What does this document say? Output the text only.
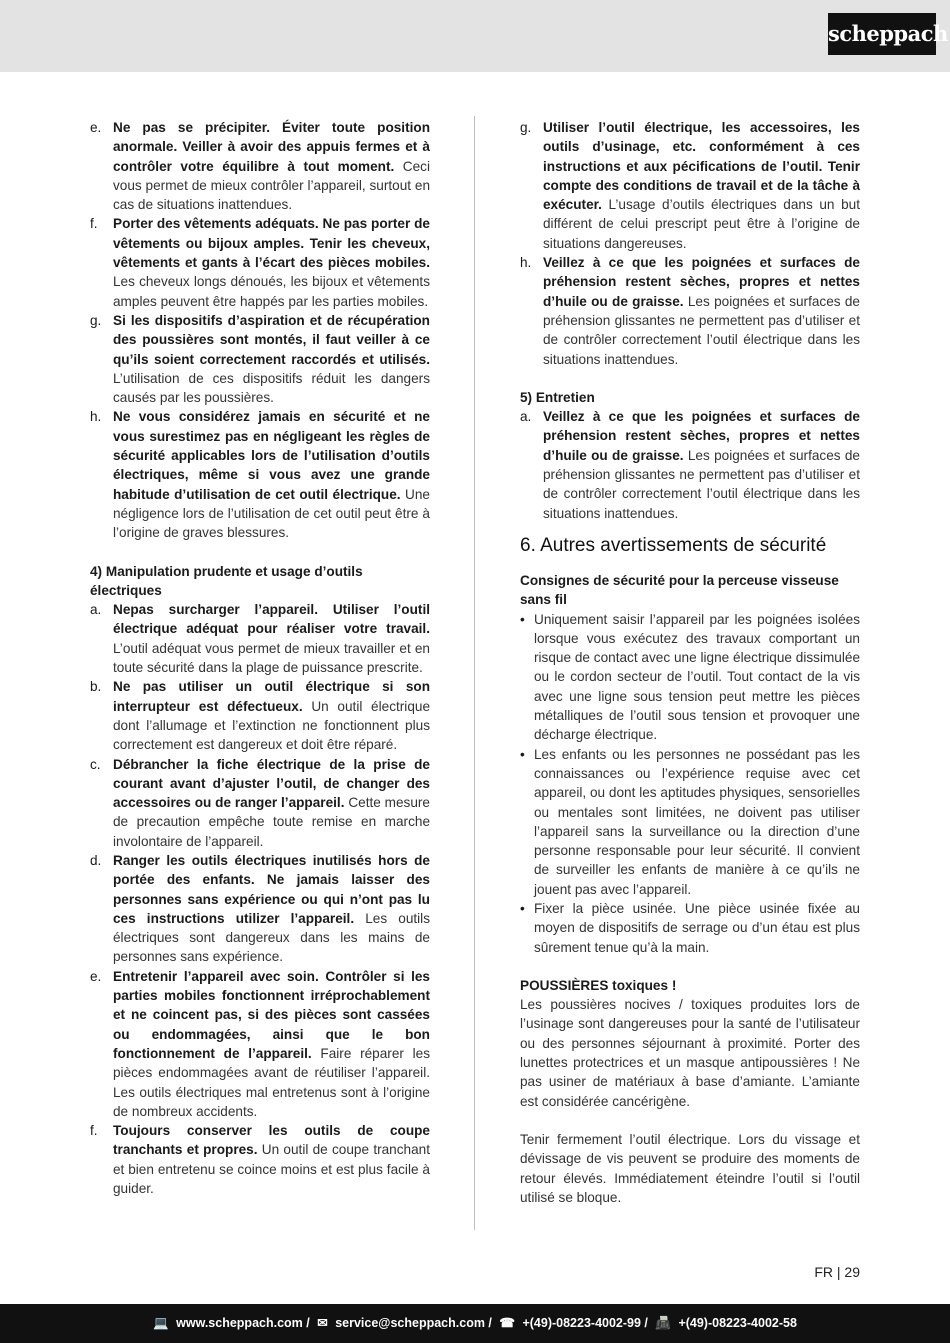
scheppach
e. Ne pas se précipiter. Éviter toute position anormale. Veiller à avoir des appuis fermes et à contrôler votre équilibre à tout moment. Ceci vous permet de mieux contrôler l’appareil, surtout en cas de situations inattendues.
f. Porter des vêtements adéquats. Ne pas porter de vêtements ou bijoux amples. Tenir les cheveux, vêtements et gants à l’écart des pièces mobiles. Les cheveux longs dénoués, les bijoux et vêtements amples peuvent être happés par les parties mobiles.
g. Si les dispositifs d’aspiration et de récupération des poussières sont montés, il faut veiller à ce qu’ils soient correctement raccordés et utilisés. L’utilisation de ces dispositifs réduit les dangers causés par les poussières.
h. Ne vous considérez jamais en sécurité et ne vous surestimez pas en négligeant les règles de sécurité applicables lors de l’utilisation d’outils électriques, même si vous avez une grande habitude d’utilisation de cet outil électrique. Une négligence lors de l’utilisation de cet outil peut être à l’origine de graves blessures.
4) Manipulation prudente et usage d’outils électriques
a. Nepas surcharger l’appareil. Utiliser l’outil électrique adéquat pour réaliser votre travail. L’outil adéquat vous permet de mieux travailler et en toute sécurité dans la plage de puissance prescrite.
b. Ne pas utiliser un outil électrique si son interrupteur est défectueux. Un outil électrique dont l’allumage et l’extinction ne fonctionnent plus correctement est dangereux et doit être réparé.
c. Débrancher la fiche électrique de la prise de courant avant d’ajuster l’outil, de changer des accessoires ou de ranger l’appareil. Cette mesure de precaution empêche toute remise en marche involontaire de l’appareil.
d. Ranger les outils électriques inutilisés hors de portée des enfants. Ne jamais laisser des personnes sans expérience ou qui n’ont pas lu ces instructions utilizer l’appareil. Les outils électriques sont dangereux dans les mains de personnes sans expérience.
e. Entretenir l’appareil avec soin. Contrôler si les parties mobiles fonctionnent irréprochablement et ne coincent pas, si des pièces sont cassées ou endommagées, ainsi que le bon fonctionnement de l’appareil. Faire réparer les pièces endommagées avant de réutiliser l’appareil. Les outils électriques mal entretenus sont à l’origine de nombreux accidents.
f. Toujours conserver les outils de coupe tranchants et propres. Un outil de coupe tranchant et bien entretenu se coince moins et est plus facile à guider.
g. Utiliser l’outil électrique, les accessoires, les outils d’usinage, etc. conformément à ces instructions et aux pécifications de l’outil. Tenir compte des conditions de travail et de la tâche à exécuter. L’usage d’outils électriques dans un but différent de celui prescript peut être à l’origine de situations dangereuses.
h. Veillez à ce que les poignées et surfaces de préhension restent sèches, propres et nettes d’huile ou de graisse. Les poignées et surfaces de préhension glissantes ne permettent pas d’utiliser et de contrôler correctement l’outil électrique dans les situations inattendues.
5) Entretien
a. Veillez à ce que les poignées et surfaces de préhension restent sèches, propres et nettes d’huile ou de graisse. Les poignées et surfaces de préhension glissantes ne permettent pas d’utiliser et de contrôler correctement l’outil électrique dans les situations inattendues.
6. Autres avertissements de sécurité
Consignes de sécurité pour la perceuse visseuse sans fil
• Uniquement saisir l’appareil par les poignées isolées lorsque vous exécutez des travaux comportant un risque de contact avec une ligne électrique dissimulée ou le cordon secteur de l’outil. Tout contact de la vis avec une ligne sous tension peut mettre les pièces métalliques de l’outil sous tension et provoquer une décharge électrique.
• Les enfants ou les personnes ne possédant pas les connaissances ou l’expérience requise avec cet appareil, ou dont les aptitudes physiques, sensorielles ou mentales sont limitées, ne doivent pas utiliser l’appareil sans la surveillance ou la direction d’une personne responsable pour leur sécurité. Il convient de surveiller les enfants de manière à ce qu’ils ne jouent pas avec l’appareil.
• Fixer la pièce usinée. Une pièce usinée fixée au moyen de dispositifs de serrage ou d’un étau est plus sûrement tenue qu’à la main.
POUSSIÈRES toxiques !
Les poussières nocives / toxiques produites lors de l’usinage sont dangereuses pour la santé de l’utilisateur ou des personnes séjournant à proximité. Porter des lunettes protectrices et un masque antipoussières ! Ne pas usiner de matériaux à base d’amiante. L’amiante est considérée cancérigène.
Tenir fermement l’outil électrique. Lors du vissage et dévissage de vis peuvent se produire des moments de retour élevés. Immédiatement éteindre l’outil si l’outil utilisé se bloque.
FR | 29
💻 www.scheppach.com / ✉ service@scheppach.com / ☎ +(49)-08223-4002-99 / 📠 +(49)-08223-4002-58
